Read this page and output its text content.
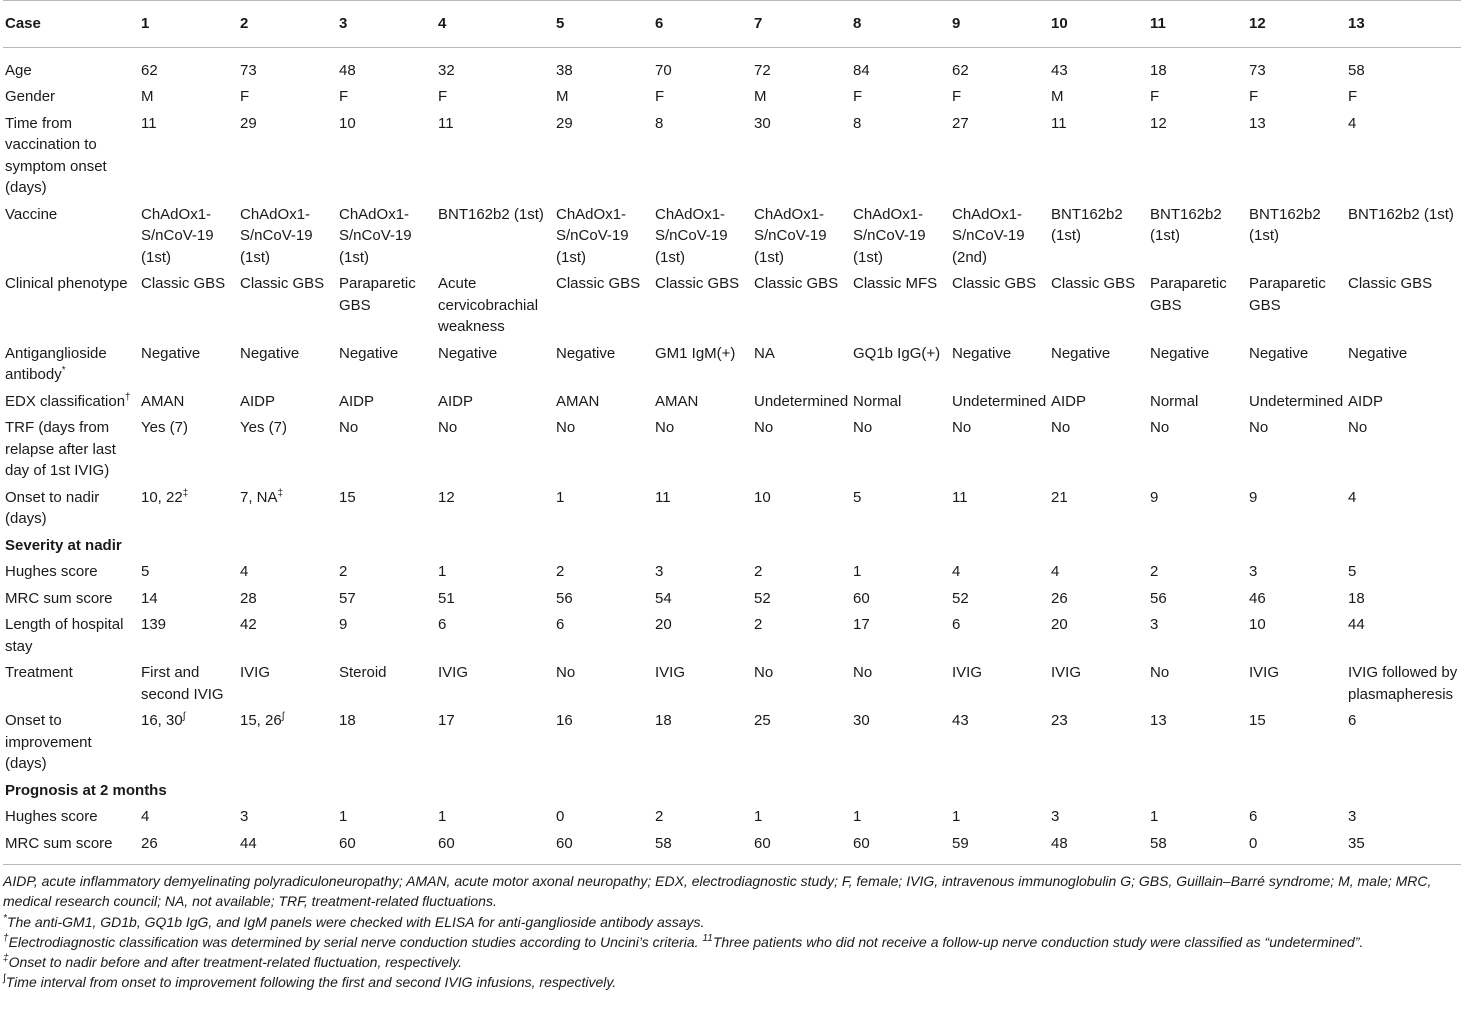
Case	1	2	3	4	5	6	7	8	9	10	11	12	13
Age	62	73	48	32	38	70	72	84	62	43	18	73	58
Gender	M	F	F	F	M	F	M	F	F	M	F	F	F
Time from vaccination to symptom onset (days)	11	29	10	11	29	8	30	8	27	11	12	13	4
Vaccine	ChAdOx1-S/nCoV-19 (1st)	ChAdOx1-S/nCoV-19 (1st)	ChAdOx1-S/nCoV-19 (1st)	BNT162b2 (1st)	ChAdOx1-S/nCoV-19 (1st)	ChAdOx1-S/nCoV-19 (1st)	ChAdOx1-S/nCoV-19 (1st)	ChAdOx1-S/nCoV-19 (1st)	ChAdOx1-S/nCoV-19 (2nd)	BNT162b2 (1st)	BNT162b2 (1st)	BNT162b2 (1st)	BNT162b2 (1st)
Clinical phenotype	Classic GBS	Classic GBS	Paraparetic GBS	Acute cervicobrachial weakness	Classic GBS	Classic GBS	Classic GBS	Classic MFS	Classic GBS	Classic GBS	Paraparetic GBS	Paraparetic GBS	Classic GBS
Antiganglioside antibody*	Negative	Negative	Negative	Negative	Negative	GM1 IgM(+)	NA	GQ1b IgG(+)	Negative	Negative	Negative	Negative	Negative
EDX classification†	AMAN	AIDP	AIDP	AIDP	AMAN	AMAN	Undetermined	Normal	Undetermined	AIDP	Normal	Undetermined	AIDP
TRF (days from relapse after last day of 1st IVIG)	Yes (7)	Yes (7)	No	No	No	No	No	No	No	No	No	No	No
Onset to nadir (days)	10, 22‡	7, NA‡	15	12	1	11	10	5	11	21	9	9	4
Severity at nadir													
Hughes score	5	4	2	1	2	3	2	1	4	4	2	3	5
MRC sum score	14	28	57	51	56	54	52	60	52	26	56	46	18
Length of hospital stay	139	42	9	6	6	20	2	17	6	20	3	10	44
Treatment	First and second IVIG	IVIG	Steroid	IVIG	No	IVIG	No	No	IVIG	IVIG	No	IVIG	IVIG followed by plasmapheresis
Onset to improvement (days)	16, 30∫	15, 26∫	18	17	16	18	25	30	43	23	13	15	6
Prognosis at 2 months													
Hughes score	4	3	1	1	0	2	1	1	1	3	1	6	3
MRC sum score	26	44	60	60	60	58	60	60	59	48	58	0	35

AIDP, acute inflammatory demyelinating polyradiculoneuropathy; AMAN, acute motor axonal neuropathy; EDX, electrodiagnostic study; F, female; IVIG, intravenous immunoglobulin G; GBS, Guillain–Barré syndrome; M, male; MRC, medical research council; NA, not available; TRF, treatment-related fluctuations.

*The anti-GM1, GD1b, GQ1b IgG, and IgM panels were checked with ELISA for anti-ganglioside antibody assays.

†Electrodiagnostic classification was determined by serial nerve conduction studies according to Uncini’s criteria. $^{11}$Three patients who did not receive a follow-up nerve conduction study were classified as “undetermined”.

‡Onset to nadir before and after treatment-related fluctuation, respectively.

∫Time interval from onset to improvement following the first and second IVIG infusions, respectively.
